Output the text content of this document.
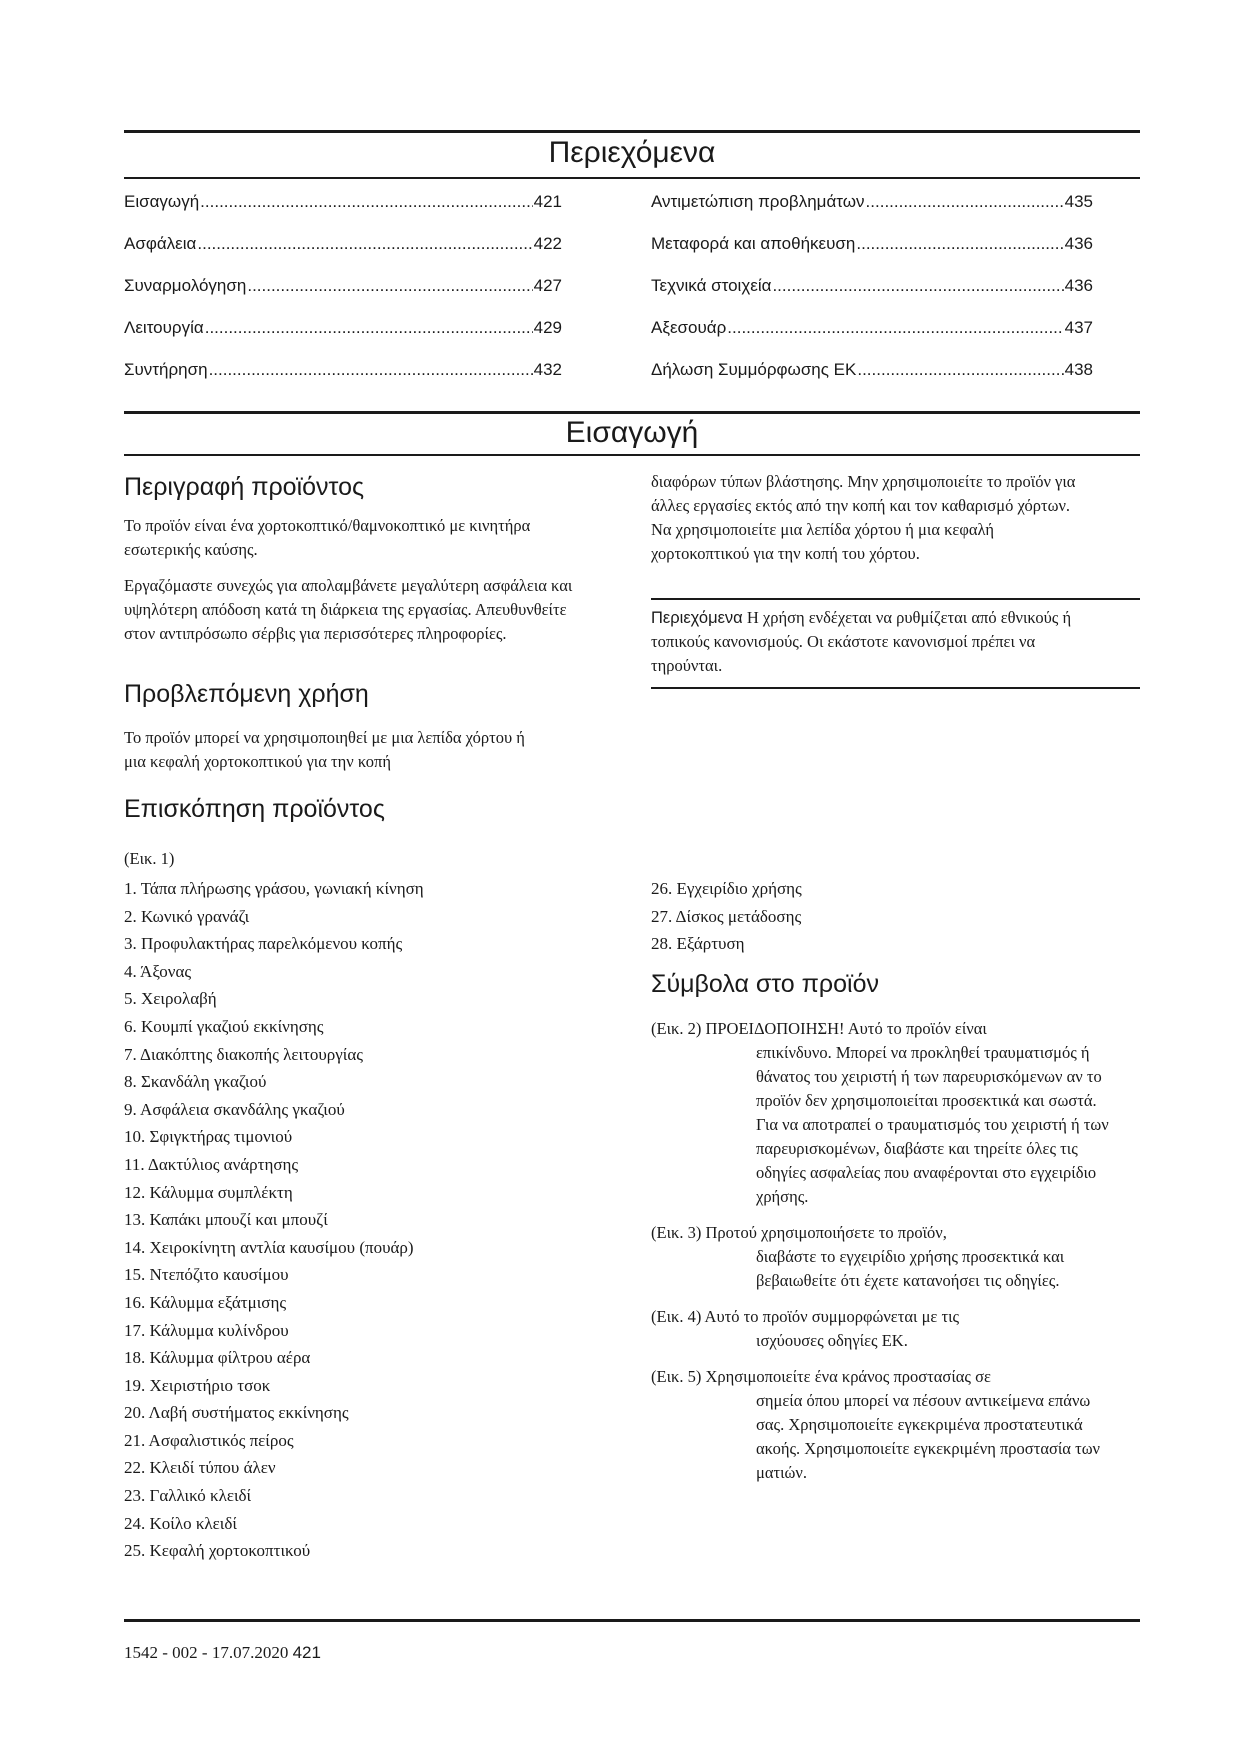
Περιεχόμενα
Εισαγωγή .....	421
Ασφάλεια .....	422
Συναρμολόγηση .....	427
Λειτουργία .....	429
Συντήρηση .....	432
Αντιμετώπιση προβλημάτων .....	435
Μεταφορά και αποθήκευση .....	436
Τεχνικά στοιχεία .....	436
Αξεσουάρ .....	437
Δήλωση Συμμόρφωσης ΕΚ .....	438
Εισαγωγή
Περιγραφή προϊόντος

Το προϊόν είναι ένα χορτοκοπτικό/θαμνοκοπτικό με κινητήρα εσωτερικής καύσης.

Εργαζόμαστε συνεχώς για απολαμβάνετε μεγαλύτερη ασφάλεια και υψηλότερη απόδοση κατά τη διάρκεια της εργασίας. Απευθυνθείτε στον αντιπρόσωπο σέρβις για περισσότερες πληροφορίες.

Προβλεπόμενη χρήση

Το προϊόν μπορεί να χρησιμοποιηθεί με μια λεπίδα χόρτου ή μια κεφαλή χορτοκοπτικού για την κοπή

διαφόρων τύπων βλάστησης. Μην χρησιμοποιείτε το προϊόν για άλλες εργασίες εκτός από την κοπή και τον καθαρισμό χόρτων. Να χρησιμοποιείτε μια λεπίδα χόρτου ή μια κεφαλή χορτοκοπτικού για την κοπή του χόρτου.

Περιεχόμενα Η χρήση ενδέχεται να ρυθμίζεται από εθνικούς ή τοπικούς κανονισμούς. Οι εκάστοτε κανονισμοί πρέπει να τηρούνται.

Επισκόπηση προϊόντος
(Εικ. 1)
1. Τάπα πλήρωσης γράσου, γωνιακή κίνηση
2. Κωνικό γρανάζι
3. Προφυλακτήρας παρελκόμενου κοπής
4. Άξονας
5. Χειρολαβή
6. Κουμπί γκαζιού εκκίνησης
7. Διακόπτης διακοπής λειτουργίας
8. Σκανδάλη γκαζιού
9. Ασφάλεια σκανδάλης γκαζιού
10. Σφιγκτήρας τιμονιού
11. Δακτύλιος ανάρτησης
12. Κάλυμμα συμπλέκτη
13. Καπάκι μπουζί και μπουζί
14. Χειροκίνητη αντλία καυσίμου (πουάρ)
15. Ντεπόζιτο καυσίμου
16. Κάλυμμα εξάτμισης
17. Κάλυμμα κυλίνδρου
18. Κάλυμμα φίλτρου αέρα
19. Χειριστήριο τσοκ
20. Λαβή συστήματος εκκίνησης
21. Ασφαλιστικός πείρος
22. Κλειδί τύπου άλεν
23. Γαλλικό κλειδί
24. Κοίλο κλειδί
25. Κεφαλή χορτοκοπτικού
26. Εγχειρίδιο χρήσης
27. Δίσκος μετάδοσης
28. Εξάρτυση
Σύμβολα στο προϊόν
(Εικ. 2) ΠΡΟΕΙΔΟΠΟΙΗΣΗ! Αυτό το προϊόν είναι
επικίνδυνο. Μπορεί να προκληθεί τραυματισμός ή θάνατος του χειριστή ή των παρευρισκόμενων αν το προϊόν δεν χρησιμοποιείται προσεκτικά και σωστά. Για να αποτραπεί ο τραυματισμός του χειριστή ή των παρευρισκομένων, διαβάστε και τηρείτε όλες τις οδηγίες ασφαλείας που αναφέρονται στο εγχειρίδιο χρήσης.
(Εικ. 3) Προτού χρησιμοποιήσετε το προϊόν,
διαβάστε το εγχειρίδιο χρήσης προσεκτικά και βεβαιωθείτε ότι έχετε κατανοήσει τις οδηγίες.
(Εικ. 4) Αυτό το προϊόν συμμορφώνεται με τις
ισχύουσες οδηγίες ΕΚ.
(Εικ. 5) Χρησιμοποιείτε ένα κράνος προστασίας σε
σημεία όπου μπορεί να πέσουν αντικείμενα επάνω σας. Χρησιμοποιείτε εγκεκριμένα προστατευτικά ακοής. Χρησιμοποιείτε εγκεκριμένη προστασία των ματιών.
1542 - 002 - 17.07.2020 421
